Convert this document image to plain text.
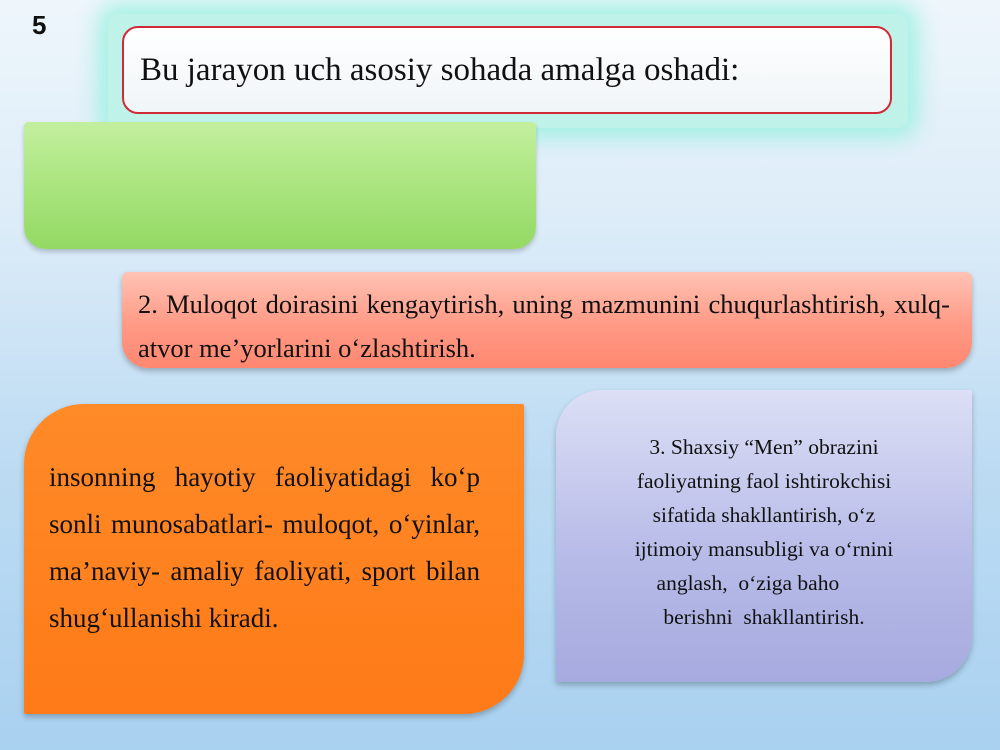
5
Bu jarayon uch asosiy sohada amalga oshadi:
2. Muloqot doirasini kengaytirish, uning mazmunini chuqurlashtirish, xulq-atvor me’yorlarini o‘zlashtirish.
insonning hayotiy faoliyatidagi ko‘p sonli munosabatlari- muloqot, o‘yinlar, ma’naviy- amaliy faoliyati, sport bilan shug‘ullanishi kiradi.
3. Shaxsiy “Men” obrazini
faoliyatning faol ishtirokchisi
sifatida shakllantirish, o‘z
ijtimoiy mansubligi va o‘rnini
anglash,  o‘ziga baho
berishni  shakllantirish.
